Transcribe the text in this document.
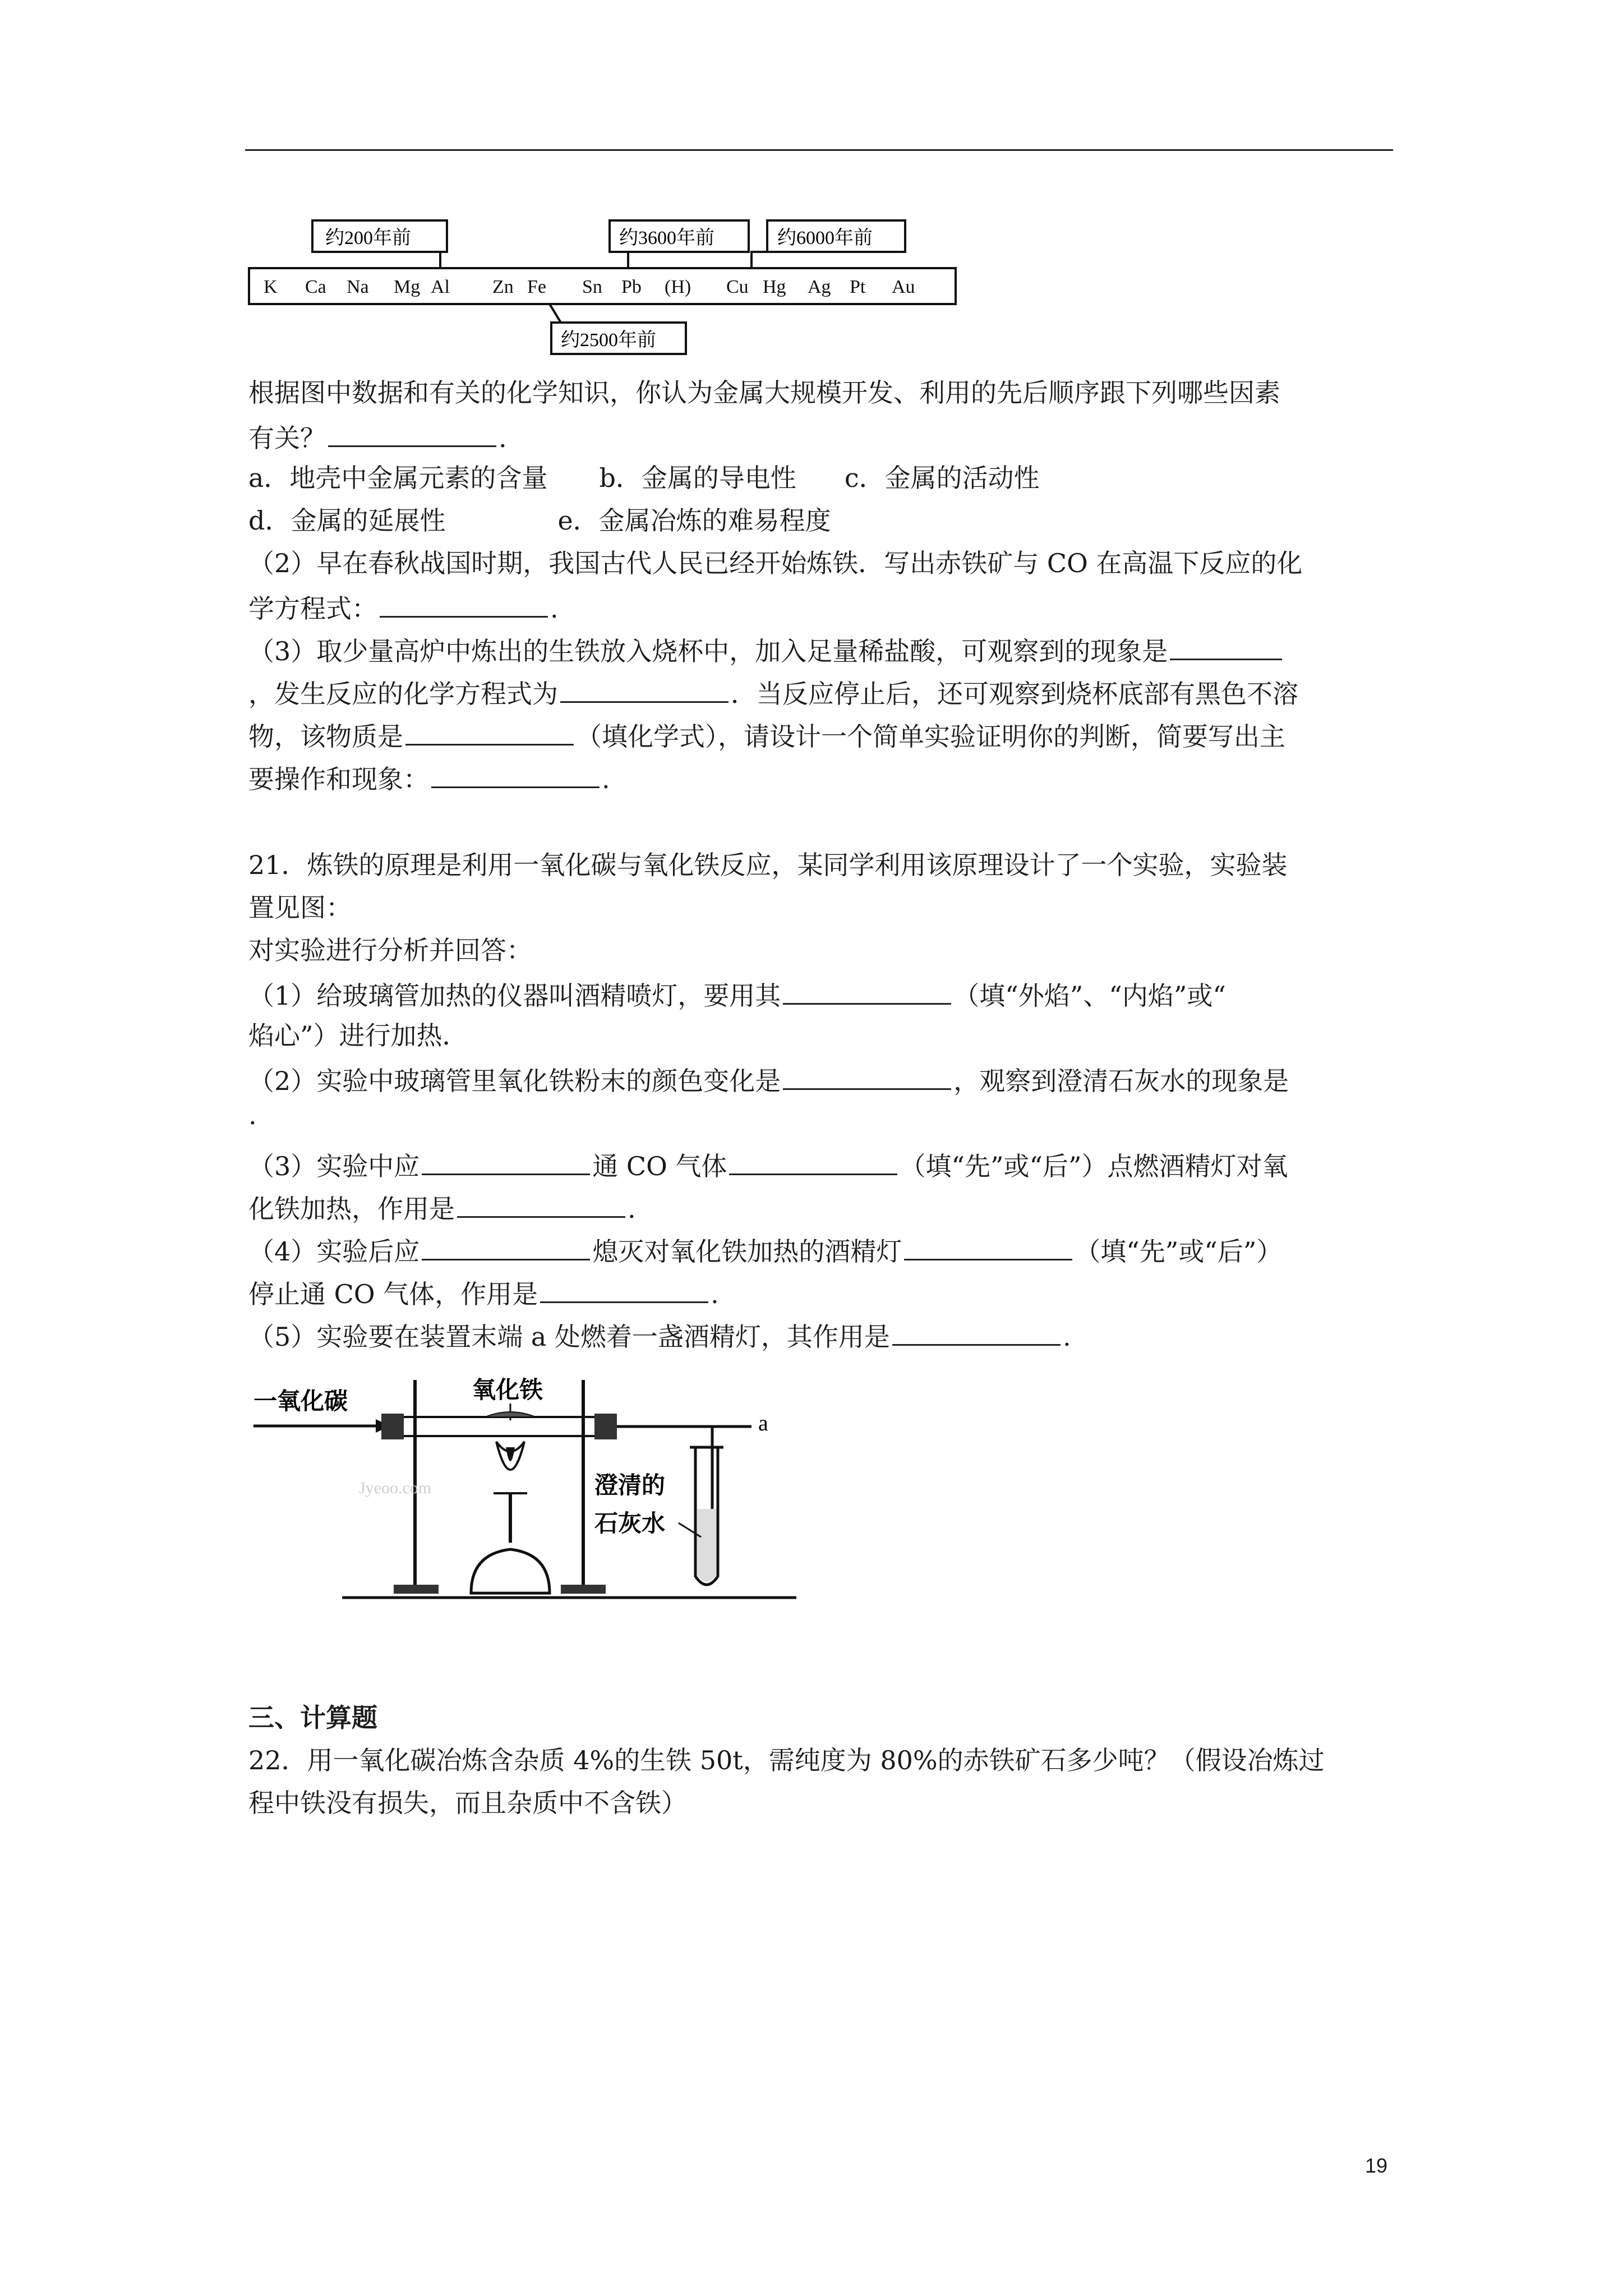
K Ca Na Mg Al Zn Fe Sn Pb (H) Cu Hg Ag Pt Au
约200年前	约3600年前	约6000年前
约2500年前
根据图中数据和有关的化学知识，你认为金属大规模开发、利用的先后顺序跟下列哪些因素
有关？	.
a．地壳中金属元素的含量 b．金属的导电性 c．金属的活动性
d．金属的延展性	e．金属冶炼的难易程度
（2）早在春秋战国时期，我国古代人民已经开始炼铁．写出赤铁矿与 CO 在高温下反应的化
学方程式：	.
（3）取少量高炉中炼出的生铁放入烧杯中，加入足量稀盐酸，可观察到的现象是
，发生反应的化学方程式为	．当反应停止后，还可观察到烧杯底部有黑色不溶
物，该物质是	（填化学式），请设计一个简单实验证明你的判断，简要写出主
要操作和现象：	.
21．炼铁的原理是利用一氧化碳与氧化铁反应，某同学利用该原理设计了一个实验，实验装
置见图：
对实验进行分析并回答：
（1）给玻璃管加热的仪器叫酒精喷灯，要用其	（填“外焰”、“内焰”或“
焰心”）进行加热．
（2）实验中玻璃管里氧化铁粉末的颜色变化是	，观察到澄清石灰水的现象是
.
（3）实验中应	通 CO 气体	（填“先”或“后”）点燃酒精灯对氧
化铁加热，作用是	.
（4）实验后应	熄灭对氧化铁加热的酒精灯	（填“先”或“后”）
停止通 CO 气体，作用是	.
（5）实验要在装置末端 a 处燃着一盏酒精灯，其作用是	.
一氧化碳	氧化铁
a
澄清的
石灰水
Jyeoo.com
三、计算题
22．用一氧化碳冶炼含杂质 4%的生铁 50t，需纯度为 80%的赤铁矿石多少吨？（假设冶炼过
程中铁没有损失，而且杂质中不含铁）
19
